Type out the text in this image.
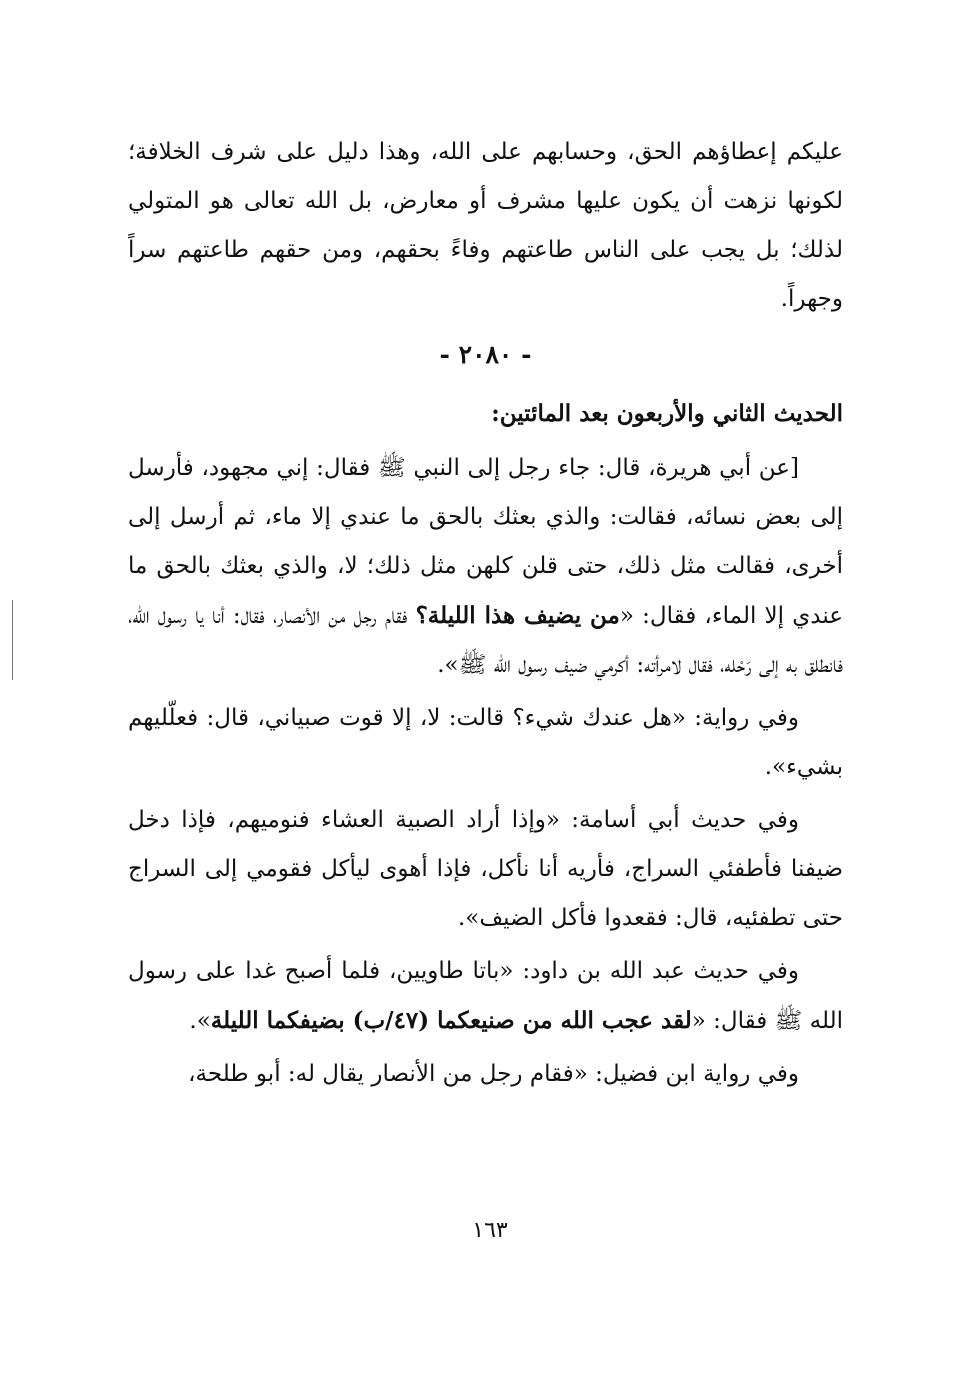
عليكم إعطاؤهم الحق، وحسابهم على الله، وهذا دليل على شرف الخلافة؛ لكونها نزهت أن يكون عليها مشرف أو معارض، بل الله تعالى هو المتولي لذلك؛ بل يجب على الناس طاعتهم وفاءً بحقهم، ومن حقهم طاعتهم سراً وجهراً.

- ٢٠٨٠ -
الحديث الثاني والأربعون بعد المائتين:

[عن أبي هريرة، قال: جاء رجل إلى النبي ﷺ فقال: إني مجهود، فأرسل إلى بعض نسائه، فقالت: والذي بعثك بالحق ما عندي إلا ماء، ثم أرسل إلى أخرى، فقالت مثل ذلك، حتى قلن كلهن مثل ذلك؛ لا، والذي بعثك بالحق ما عندي إلا الماء، فقال: «من يضيف هذا الليلة؟ فقام رجل من الأنصار، فقال: أنا يا رسول الله، فانطلق به إلى رَحْله، فقال لامرأته: أكرمي ضيف رسول الله ﷺ».

وفي رواية: «هل عندك شيء؟ قالت: لا، إلا قوت صبياني، قال: فعلّليهم بشيء».

وفي حديث أبي أسامة: «وإذا أراد الصبية العشاء فنوميهم، فإذا دخل ضيفنا فأطفئي السراج، فأريه أنا نأكل، فإذا أهوى ليأكل فقومي إلى السراج حتى تطفئيه، قال: فقعدوا فأكل الضيف».

وفي حديث عبد الله بن داود: «باتا طاويين، فلما أصبح غدا على رسول الله ﷺ فقال: «لقد عجب الله من صنيعكما (٤٧/ب) بضيفكما الليلة».

وفي رواية ابن فضيل: «فقام رجل من الأنصار يقال له: أبو طلحة،

١٦٣
